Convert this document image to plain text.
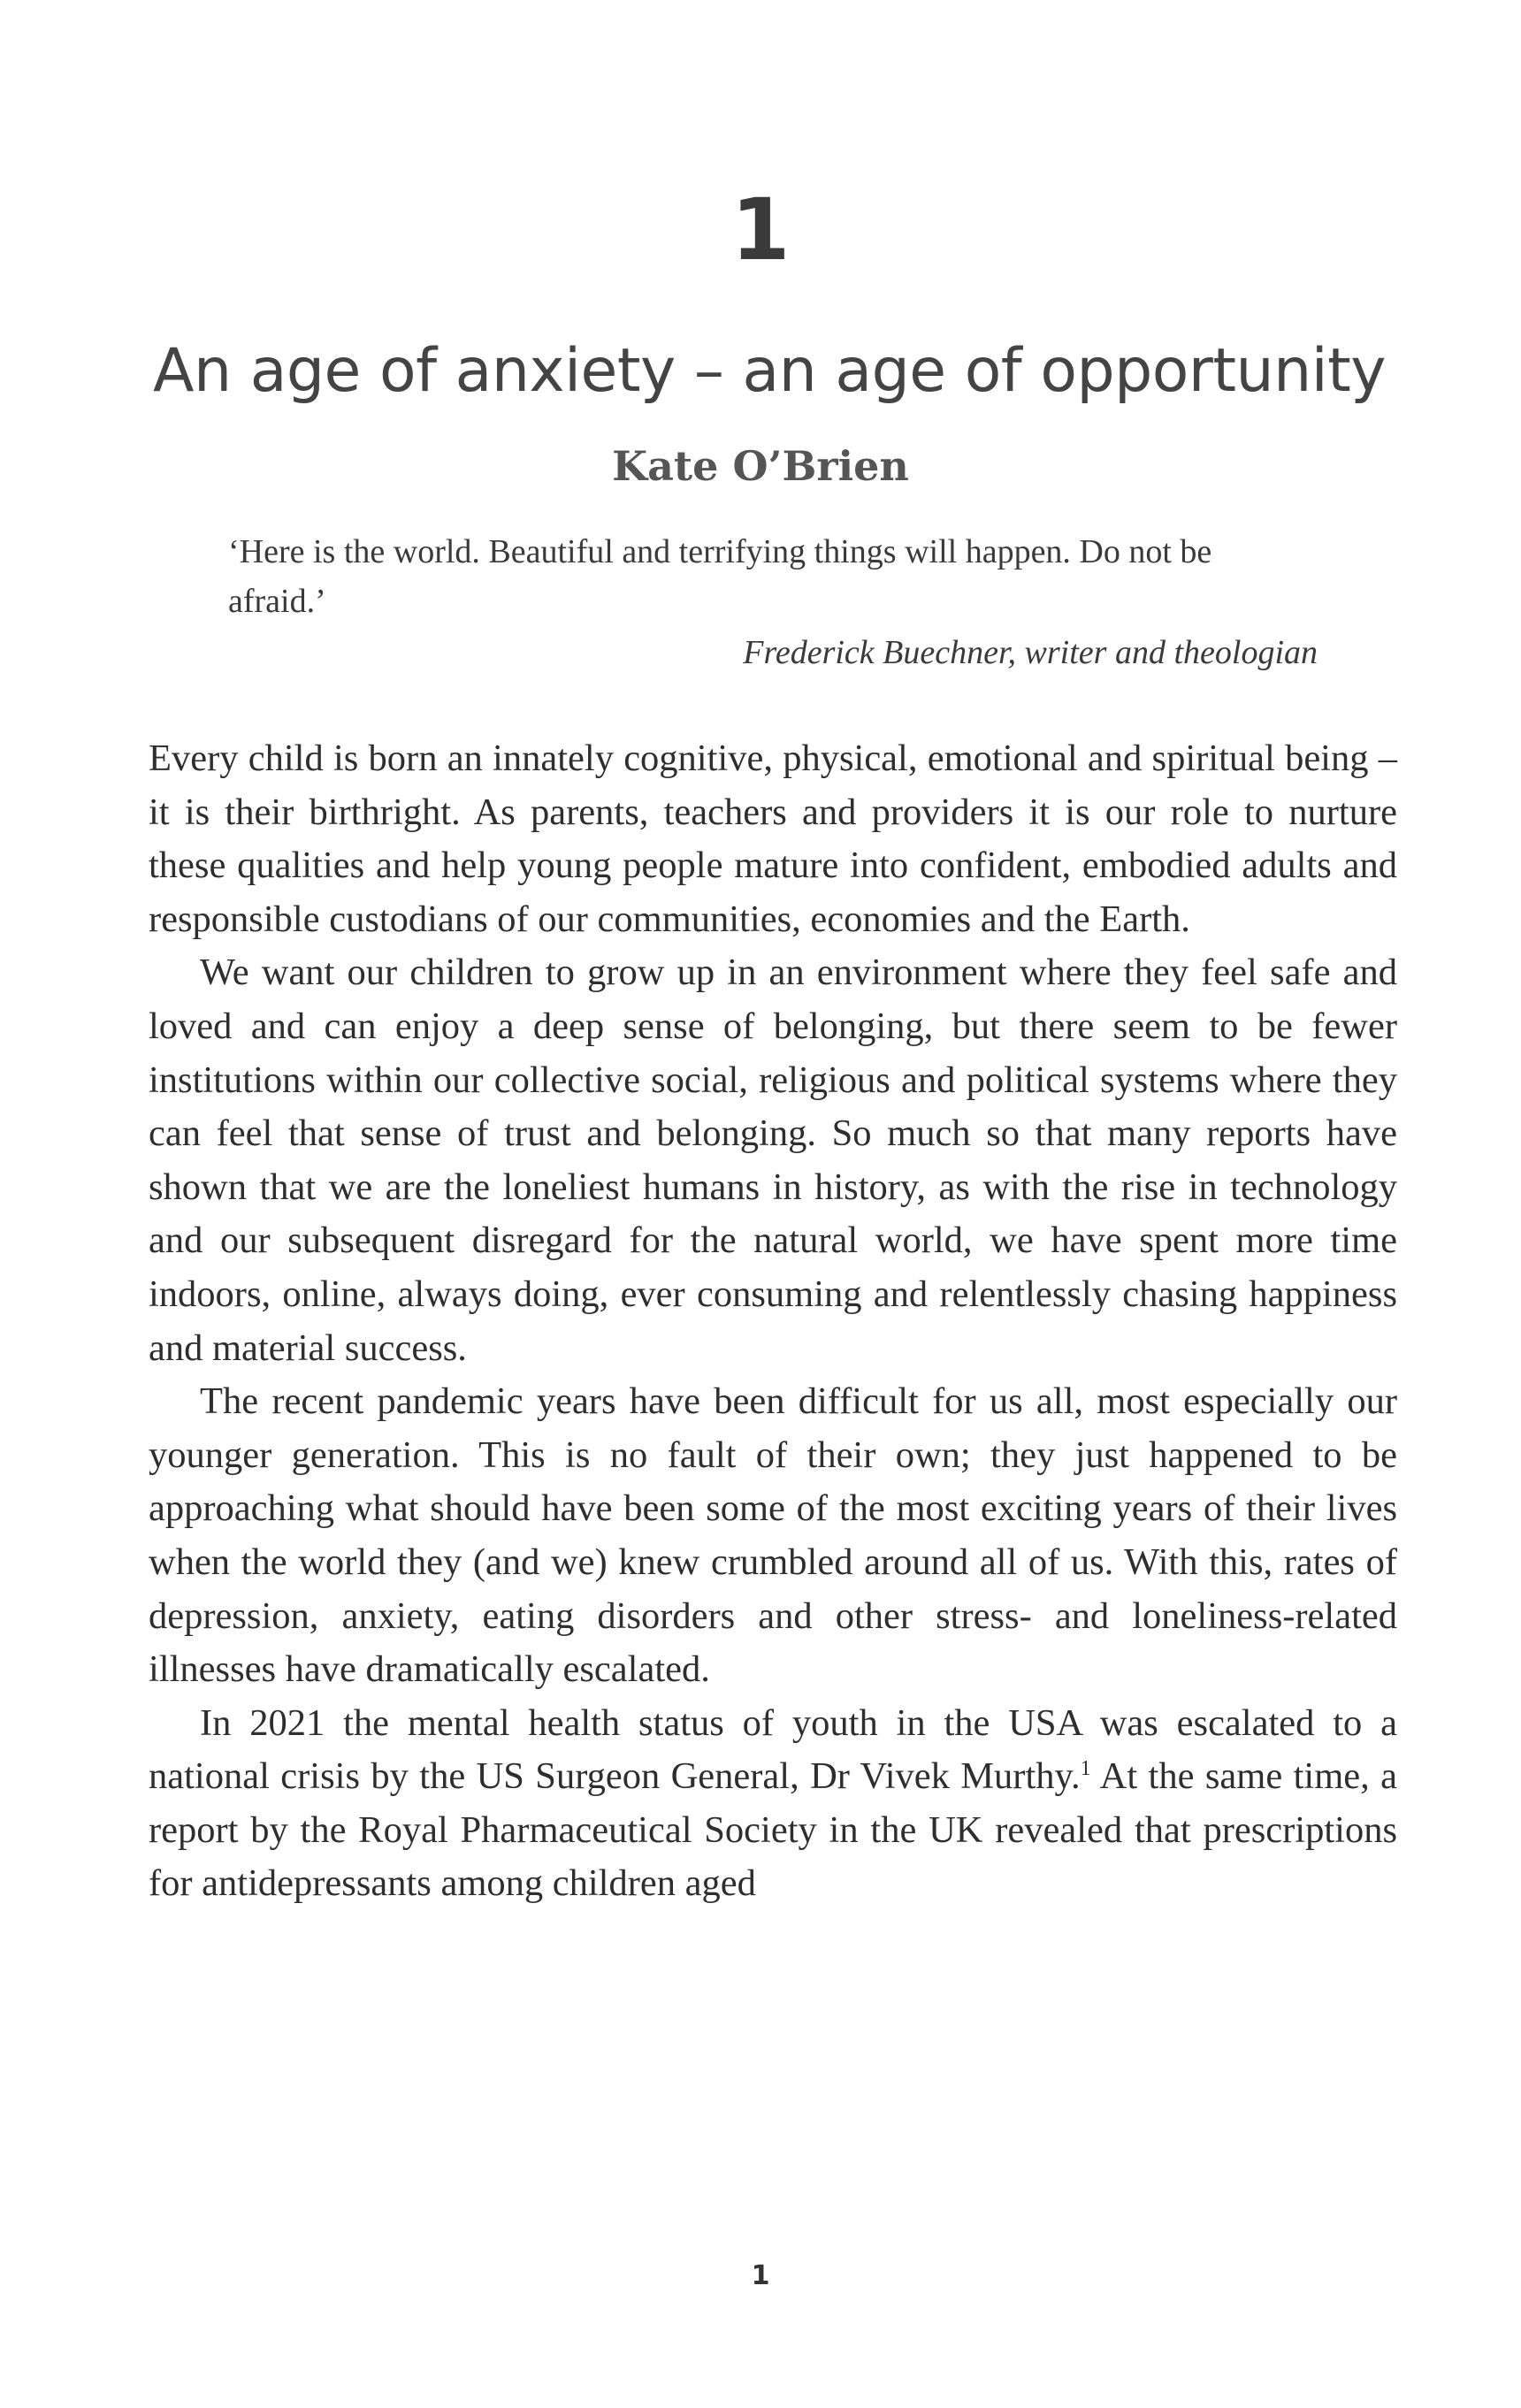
1
An age of anxiety – an age of opportunity
Kate O’Brien
‘Here is the world. Beautiful and terrifying things will happen. Do not be afraid.’
Frederick Buechner, writer and theologian

Every child is born an innately cognitive, physical, emotional and spiritual being – it is their birthright. As parents, teachers and providers it is our role to nurture these qualities and help young people mature into confident, embodied adults and responsible custodians of our communities, economies and the Earth.

We want our children to grow up in an environment where they feel safe and loved and can enjoy a deep sense of belonging, but there seem to be fewer institutions within our collective social, religious and political systems where they can feel that sense of trust and belonging. So much so that many reports have shown that we are the loneliest humans in history, as with the rise in technology and our subsequent disregard for the natural world, we have spent more time indoors, online, always doing, ever consuming and relentlessly chasing happiness and material success.

The recent pandemic years have been difficult for us all, most especially our younger generation. This is no fault of their own; they just happened to be approaching what should have been some of the most exciting years of their lives when the world they (and we) knew crumbled around all of us. With this, rates of depression, anxiety, eating disorders and other stress- and loneliness-related illnesses have dramatically escalated.

In 2021 the mental health status of youth in the USA was escalated to a national crisis by the US Surgeon General, Dr Vivek Murthy.$^1$ At the same time, a report by the Royal Pharmaceutical Society in the UK revealed that prescriptions for antidepressants among children aged

1
